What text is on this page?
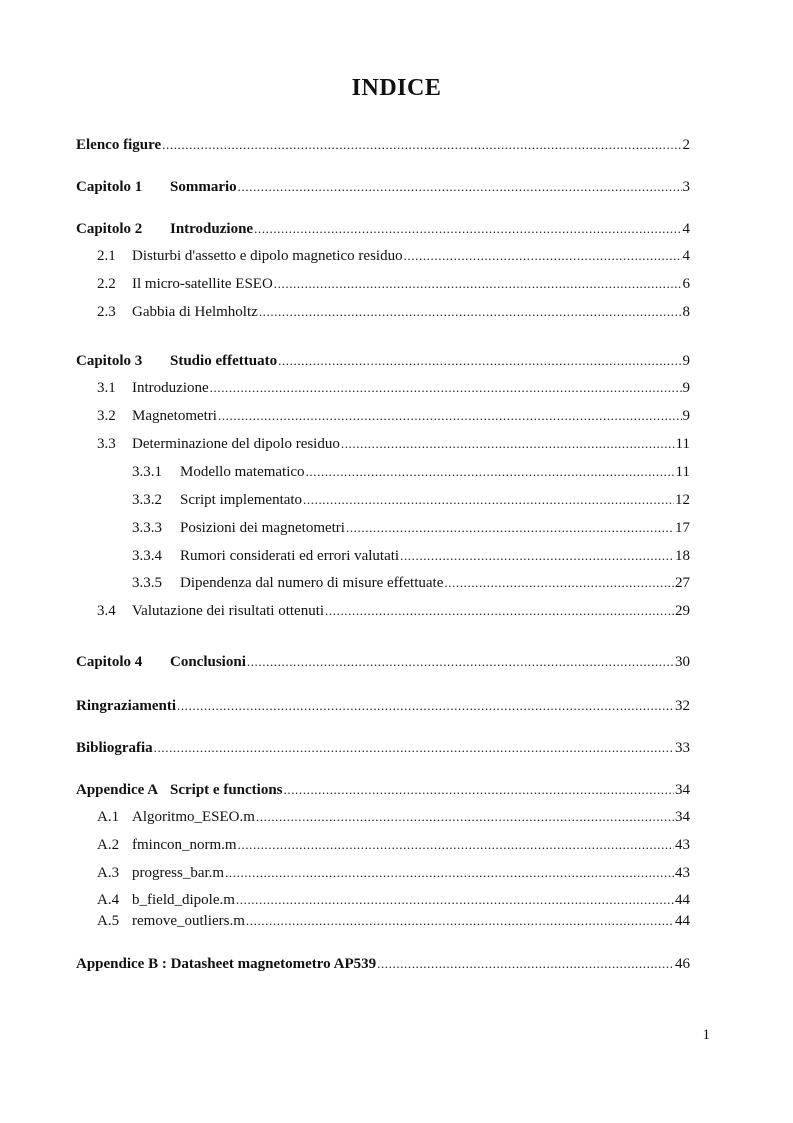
INDICE
Elenco figure .....	2
Capitolo 1	Sommario .....	3
Capitolo 2	Introduzione .....	4
2.1	Disturbi d'assetto e dipolo magnetico residuo .....	4
2.2	Il micro-satellite ESEO .....	6
2.3	Gabbia di Helmholtz .....	8
Capitolo 3	Studio effettuato .....	9
3.1	Introduzione .....	9
3.2	Magnetometri .....	9
3.3	Determinazione del dipolo residuo .....	11
3.3.1	Modello matematico .....	11
3.3.2	Script implementato .....	12
3.3.3	Posizioni dei magnetometri .....	17
3.3.4	Rumori considerati ed errori valutati .....	18
3.3.5	Dipendenza dal numero di misure effettuate .....	27
3.4	Valutazione dei risultati ottenuti .....	29
Capitolo 4	Conclusioni .....	30
Ringraziamenti .....	32
Bibliografia .....	33
Appendice A Script e functions .....	34
A.1 Algoritmo_ESEO.m .....	34
A.2 fmincon_norm.m .....	43
A.3 progress_bar.m .....	43
A.4 b_field_dipole.m .....	44
A.5 remove_outliers.m .....	44
Appendice B : Datasheet magnetometro AP539 .....	46
1
